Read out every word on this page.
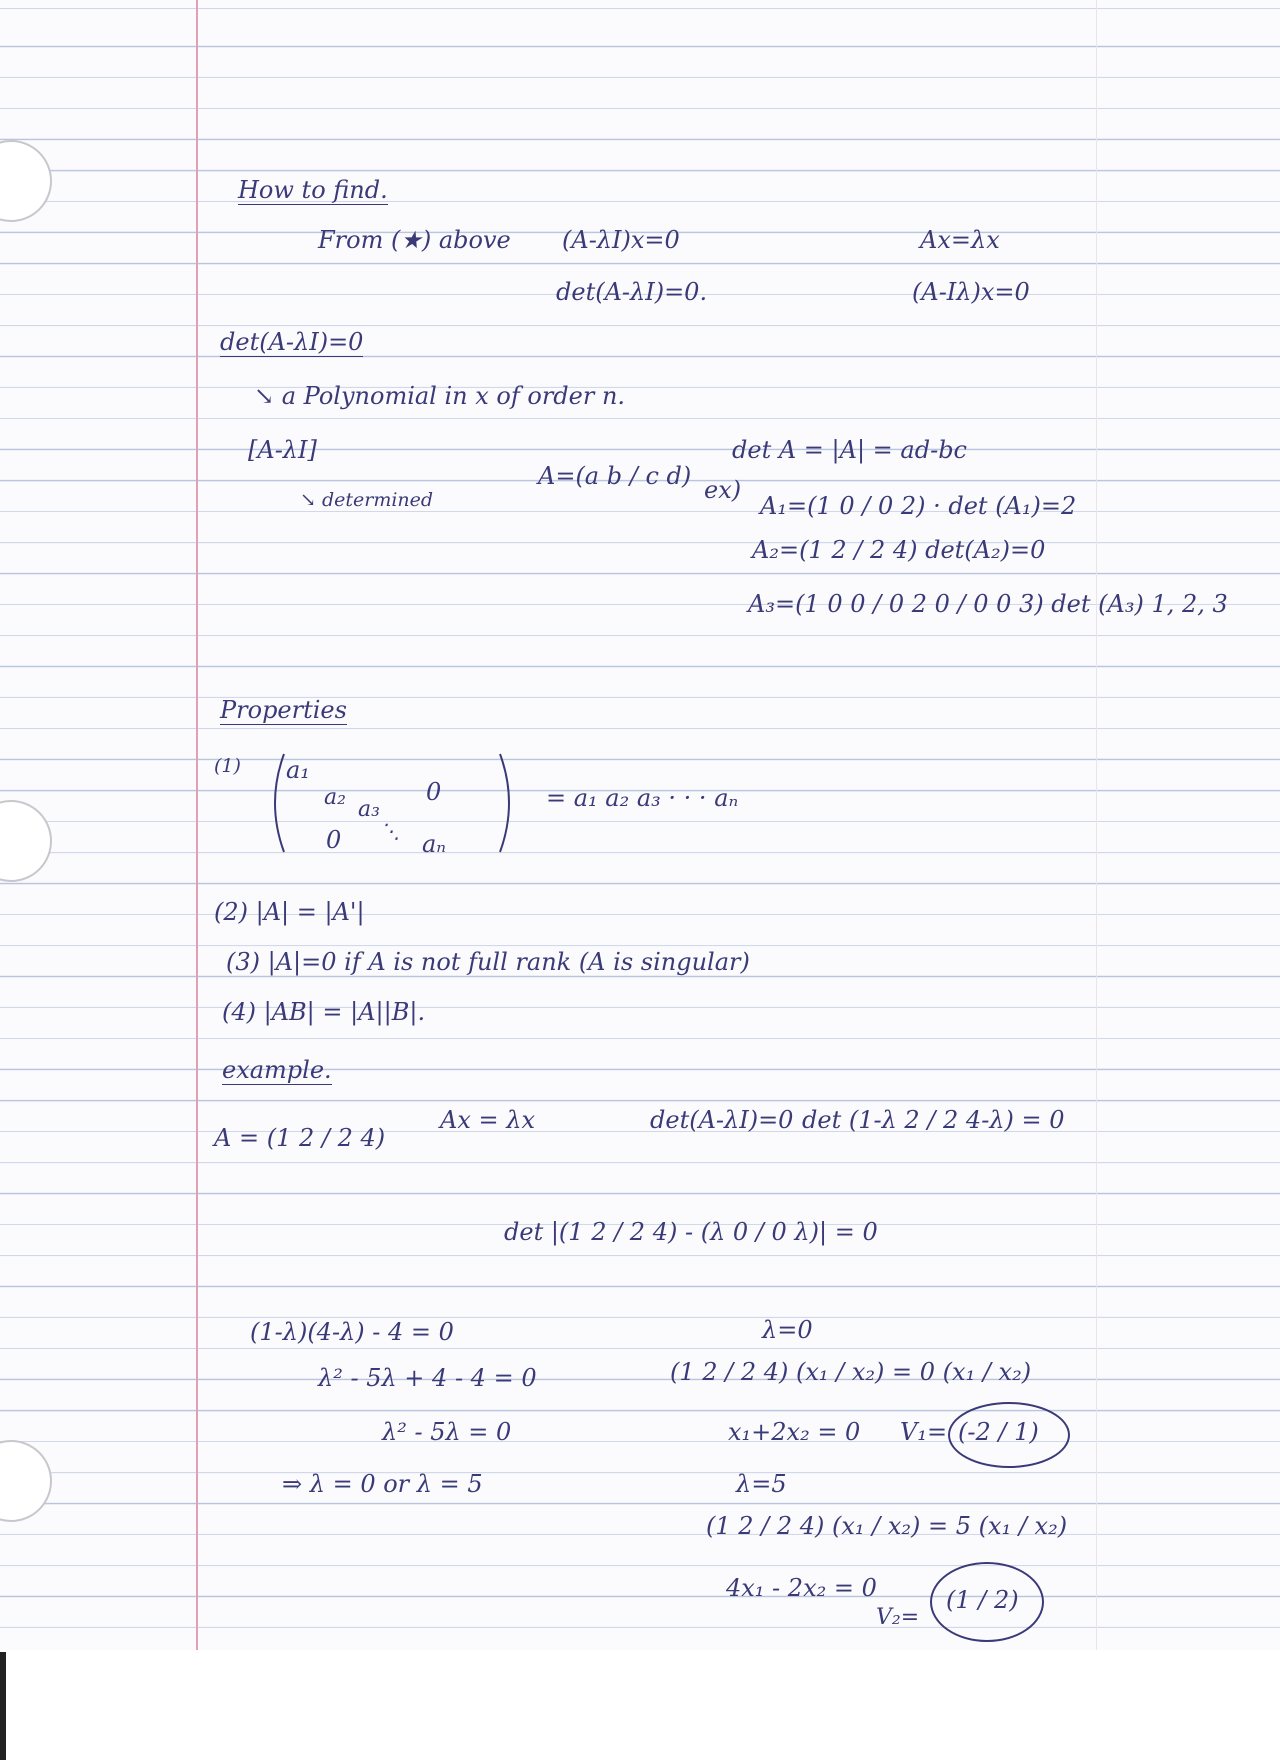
How to find.
From (★) above (A-λI)x=0
det(A-λI)=0.
Ax=λx
(A-Iλ)x=0
det(A-λI)=0
↘ a Polynomial in x of order n.
[A-λI]
↘ determined
A=(a b / c d) ex)
det A = |A| = ad-bc
A₁=(1 0 / 0 2) · det (A₁)=2
A₂=(1 2 / 2 4) det(A₂)=0
A₃=(1 0 0 / 0 2 0 / 0 0 3) det (A₃) 1, 2, 3
Properties
(1) a₁
a₂ a₃
0
0 ⋱ aₙ
= a₁ a₂ a₃ · · · aₙ
(2) |A| = |A'|
(3) |A|=0 if A is not full rank (A is singular)
(4) |AB| = |A||B|.
example.
A = (1 2 / 2 4)
Ax = λx	det(A-λI)=0 det (1-λ 2 / 2 4-λ) = 0
det |(1 2 / 2 4) - (λ 0 / 0 λ)| = 0
(1-λ)(4-λ) - 4 = 0
λ² - 5λ + 4 - 4 = 0
λ² - 5λ = 0
⇒ λ = 0 or λ = 5
λ=0
(1 2 / 2 4) (x₁ / x₂) = 0 (x₁ / x₂)
x₁+2x₂ = 0 V₁= (-2 / 1)
λ=5
(1 2 / 2 4) (x₁ / x₂) = 5 (x₁ / x₂)
4x₁ - 2x₂ = 0
V₂=
(1 / 2)
